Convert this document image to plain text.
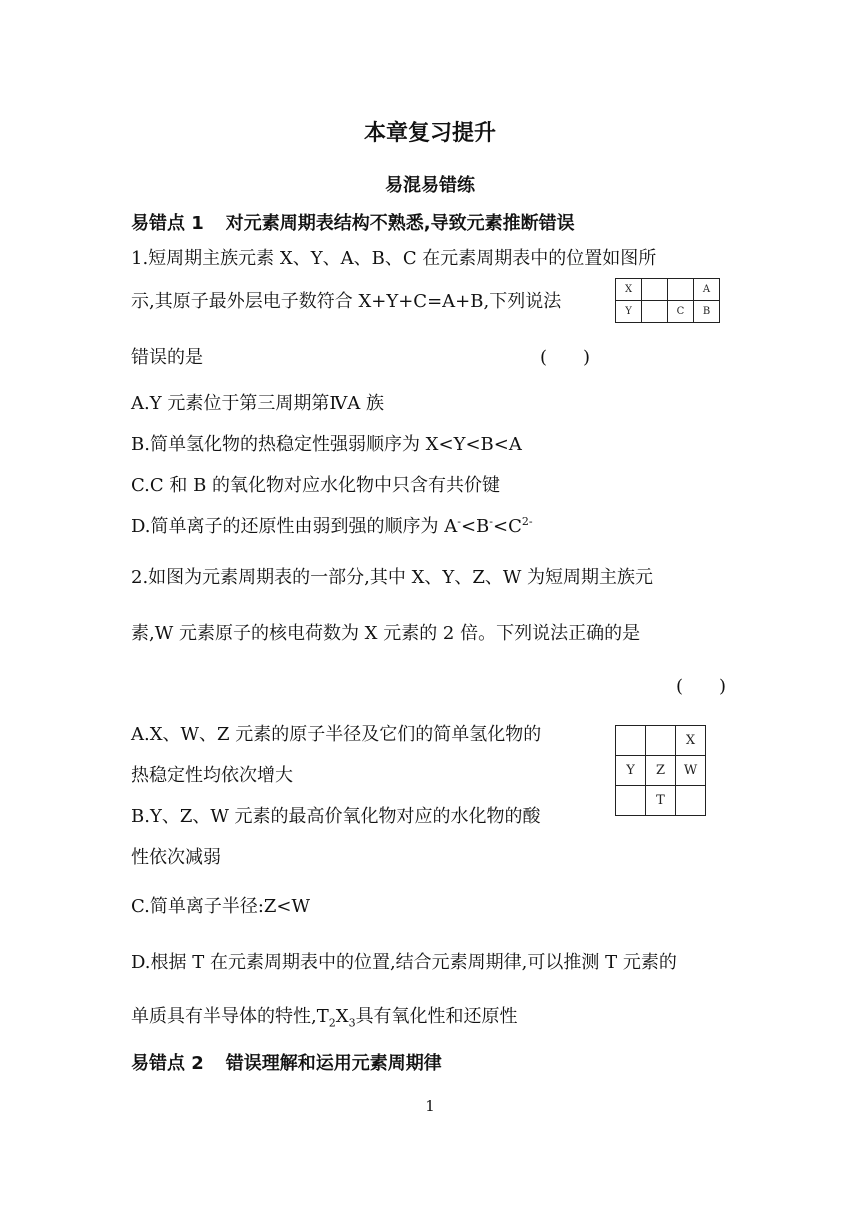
本章复习提升
易混易错练
易错点 1 对元素周期表结构不熟悉,导致元素推断错误
1.短周期主族元素 X、Y、A、B、C 在元素周期表中的位置如图所
示,其原子最外层电子数符合 X+Y+C=A+B,下列说法
X			A
Y		C	B
错误的是	(　　)
A.Y 元素位于第三周期第ⅣA 族
B.简单氢化物的热稳定性强弱顺序为 X<Y<B<A
C.C 和 B 的氧化物对应水化物中只含有共价键
D.简单离子的还原性由弱到强的顺序为 $A^-<B^-<C^{2-}$
2.如图为元素周期表的一部分,其中 X、Y、Z、W 为短周期主族元
素,W 元素原子的核电荷数为 X 元素的 2 倍。下列说法正确的是
(　　)
		X
Y	Z	W
	T	
A.X、W、Z 元素的原子半径及它们的简单氢化物的
热稳定性均依次增大
B.Y、Z、W 元素的最高价氧化物对应的水化物的酸
性依次减弱
C.简单离子半径:Z<W
D.根据 T 在元素周期表中的位置,结合元素周期律,可以推测 T 元素的
单质具有半导体的特性$,T_2X_3$具有氧化性和还原性
易错点 2 错误理解和运用元素周期律
1
